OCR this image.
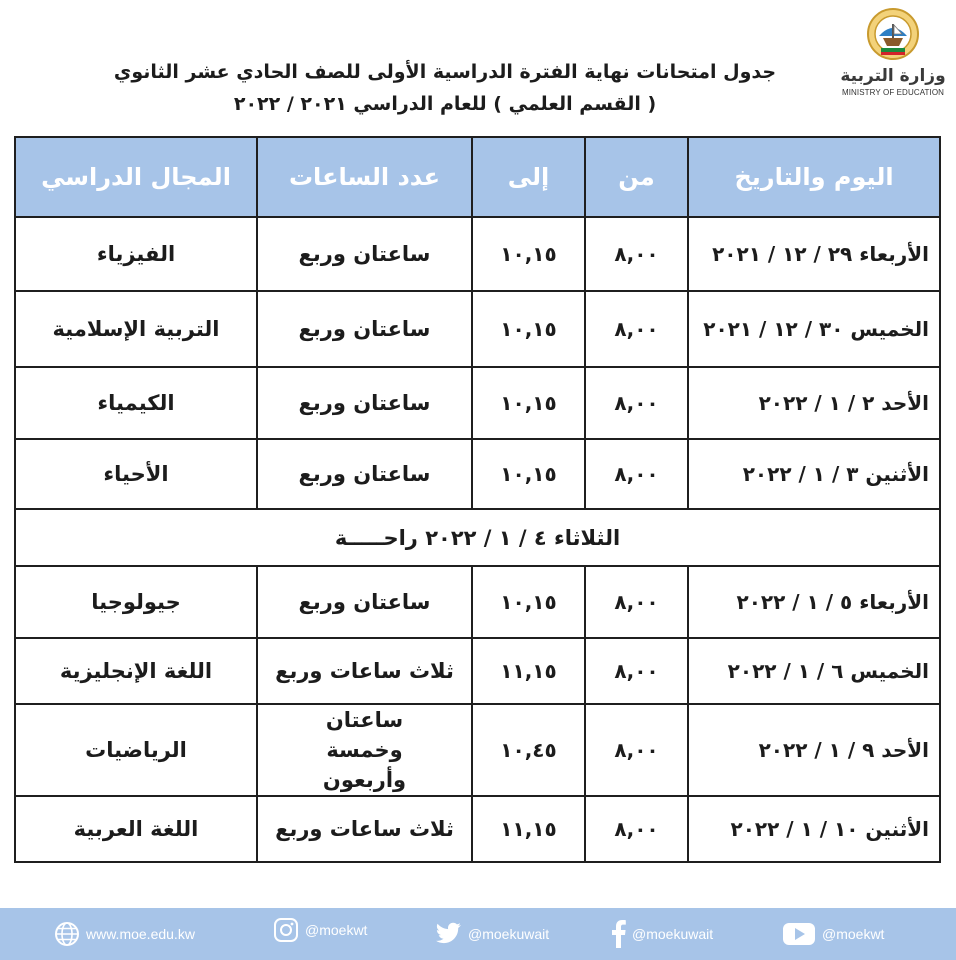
وزارة التربية
MINISTRY OF EDUCATION
جدول امتحانات نهاية الفترة الدراسية الأولى للصف الحادي عشر الثانوي
( القسم العلمي ) للعام الدراسي ٢٠٢١ / ٢٠٢٢
اليوم والتاريخ	من	إلى	عدد الساعات	المجال الدراسي
الأربعاء ٢٩ / ١٢ / ٢٠٢١	٨,٠٠	١٠,١٥	ساعتان وربع	الفيزياء
الخميس ٣٠ / ١٢ / ٢٠٢١	٨,٠٠	١٠,١٥	ساعتان وربع	التربية الإسلامية
الأحد ٢ / ١ / ٢٠٢٢	٨,٠٠	١٠,١٥	ساعتان وربع	الكيمياء
الأثنين ٣ / ١ / ٢٠٢٢	٨,٠٠	١٠,١٥	ساعتان وربع	الأحياء
الثلاثاء ٤ / ١ / ٢٠٢٢ راحـــــة				
الأربعاء ٥ / ١ / ٢٠٢٢	٨,٠٠	١٠,١٥	ساعتان وربع	جيولوجيا
الخميس ٦ / ١ / ٢٠٢٢	٨,٠٠	١١,١٥	ثلاث ساعات وربع	اللغة الإنجليزية
الأحد ٩ / ١ / ٢٠٢٢	٨,٠٠	١٠,٤٥	ساعتان وخمسة وأربعون	الرياضيات
الأثنين ١٠ / ١ / ٢٠٢٢	٨,٠٠	١١,١٥	ثلاث ساعات وربع	اللغة العربية
www.moe.edu.kw	@moekwt	@moekuwait	@moekuwait	@moekwt
